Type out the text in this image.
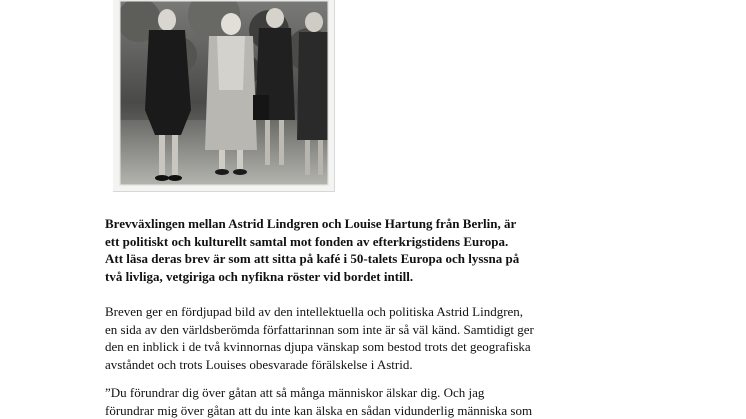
Brevväxlingen mellan Astrid Lindgren och Louise Hartung från Berlin, är
ett politiskt och kulturellt samtal mot fonden av efterkrigstidens Europa.
Att läsa deras brev är som att sitta på kafé i 50-talets Europa och lyssna på
två livliga, vetgiriga och nyfikna röster vid bordet intill.

Breven ger en fördjupad bild av den intellektuella och politiska Astrid Lindgren,
en sida av den världsberömda författarinnan som inte är så väl känd. Samtidigt ger
den en inblick i de två kvinnornas djupa vänskap som bestod trots det geografiska
avståndet och trots Louises obesvarade förälskelse i Astrid.

”Du förundrar dig över gåtan att så många människor älskar dig. Och jag
förundrar mig över gåtan att du inte kan älska en sådan vidunderlig människa som
